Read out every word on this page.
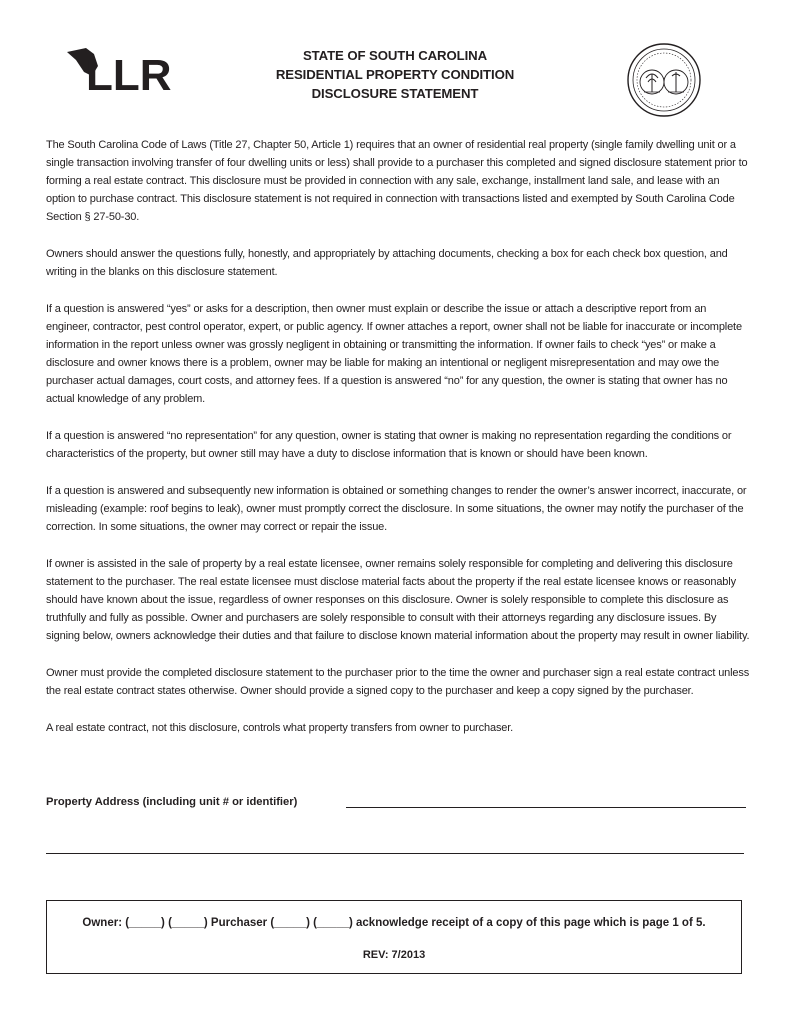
LLR	STATE OF SOUTH CAROLINA
RESIDENTIAL PROPERTY CONDITION
DISCLOSURE STATEMENT

The South Carolina Code of Laws (Title 27, Chapter 50, Article 1) requires that an owner of residential real property (single family dwelling unit or a single transaction involving transfer of four dwelling units or less) shall provide to a purchaser this completed and signed disclosure statement prior to forming a real estate contract. This disclosure must be provided in connection with any sale, exchange, installment land sale, and lease with an option to purchase contract. This disclosure statement is not required in connection with transactions listed and exempted by South Carolina Code Section § 27-50-30.

Owners should answer the questions fully, honestly, and appropriately by attaching documents, checking a box for each check box question, and writing in the blanks on this disclosure statement.

If a question is answered “yes” or asks for a description, then owner must explain or describe the issue or attach a descriptive report from an engineer, contractor, pest control operator, expert, or public agency. If owner attaches a report, owner shall not be liable for inaccurate or incomplete information in the report unless owner was grossly negligent in obtaining or transmitting the information. If owner fails to check “yes” or make a disclosure and owner knows there is a problem, owner may be liable for making an intentional or negligent misrepresentation and may owe the purchaser actual damages, court costs, and attorney fees. If a question is answered “no” for any question, the owner is stating that owner has no actual knowledge of any problem.

If a question is answered “no representation” for any question, owner is stating that owner is making no representation regarding the conditions or characteristics of the property, but owner still may have a duty to disclose information that is known or should have been known.

If a question is answered and subsequently new information is obtained or something changes to render the owner’s answer incorrect, inaccurate, or misleading (example: roof begins to leak), owner must promptly correct the disclosure. In some situations, the owner may notify the purchaser of the correction. In some situations, the owner may correct or repair the issue.

If owner is assisted in the sale of property by a real estate licensee, owner remains solely responsible for completing and delivering this disclosure statement to the purchaser. The real estate licensee must disclose material facts about the property if the real estate licensee knows or reasonably should have known about the issue, regardless of owner responses on this disclosure. Owner is solely responsible to complete this disclosure as truthfully and fully as possible. Owner and purchasers are solely responsible to consult with their attorneys regarding any disclosure issues. By signing below, owners acknowledge their duties and that failure to disclose known material information about the property may result in owner liability.

Owner must provide the completed disclosure statement to the purchaser prior to the time the owner and purchaser sign a real estate contract unless the real estate contract states otherwise. Owner should provide a signed copy to the purchaser and keep a copy signed by the purchaser.

A real estate contract, not this disclosure, controls what property transfers from owner to purchaser.

Property Address (including unit # or identifier)
Owner: (_____) (_____) Purchaser (_____) (_____) acknowledge receipt of a copy of this page which is page 1 of 5.
REV: 7/2013
